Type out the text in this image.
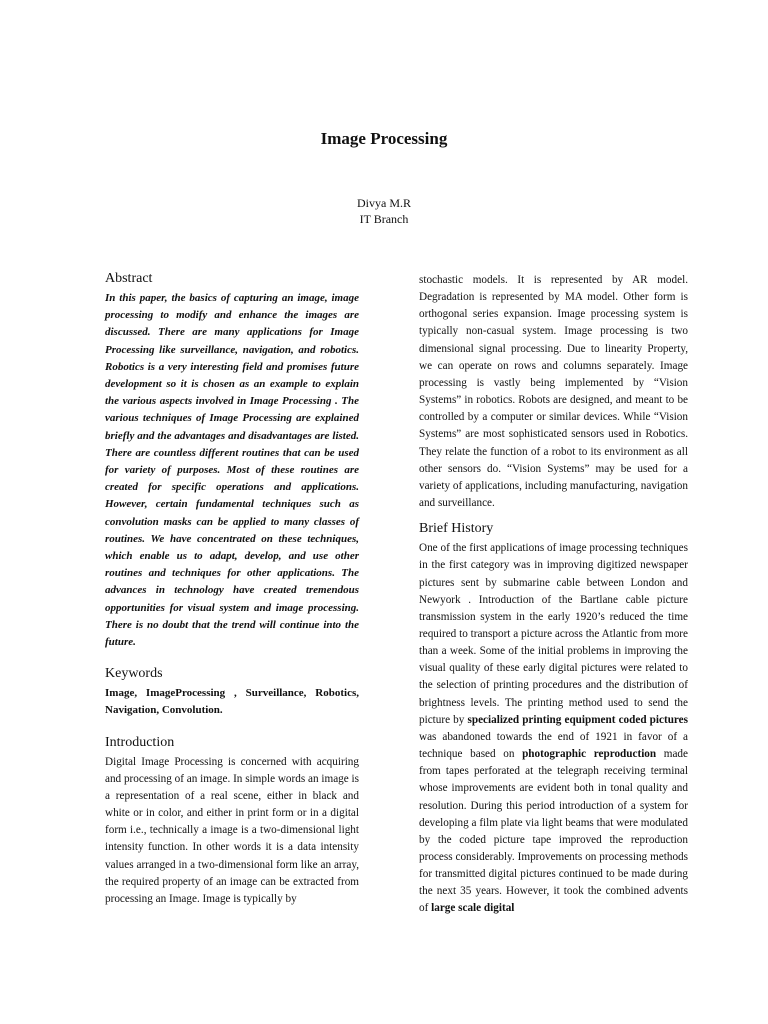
Image Processing
Divya M.R
IT Branch
Abstract

In this paper, the basics of capturing an image, image processing to modify and enhance the images are discussed. There are many applications for Image Processing like surveillance, navigation, and robotics. Robotics is a very interesting field and promises future development so it is chosen as an example to explain the various aspects involved in Image Processing . The various techniques of Image Processing are explained briefly and the advantages and disadvantages are listed. There are countless different routines that can be used for variety of purposes. Most of these routines are created for specific operations and applications. However, certain fundamental techniques such as convolution masks can be applied to many classes of routines. We have concentrated on these techniques, which enable us to adapt, develop, and use other routines and techniques for other applications. The advances in technology have created tremendous opportunities for visual system and image processing. There is no doubt that the trend will continue into the future.

Keywords

Image, ImageProcessing , Surveillance, Robotics, Navigation, Convolution.

Introduction

Digital Image Processing is concerned with acquiring and processing of an image. In simple words an image is a representation of a real scene, either in black and white or in color, and either in print form or in a digital form i.e., technically a image is a two-dimensional light intensity function. In other words it is a data intensity values arranged in a two-dimensional form like an array, the required property of an image can be extracted from processing an Image. Image is typically by

stochastic models. It is represented by AR model. Degradation is represented by MA model. Other form is orthogonal series expansion. Image processing system is typically non-casual system. Image processing is two dimensional signal processing. Due to linearity Property, we can operate on rows and columns separately. Image processing is vastly being implemented by “Vision Systems” in robotics. Robots are designed, and meant to be controlled by a computer or similar devices. While “Vision Systems” are most sophisticated sensors used in Robotics. They relate the function of a robot to its environment as all other sensors do. “Vision Systems” may be used for a variety of applications, including manufacturing, navigation and surveillance.

Brief History

One of the first applications of image processing techniques in the first category was in improving digitized newspaper pictures sent by submarine cable between London and Newyork . Introduction of the Bartlane cable picture transmission system in the early 1920’s reduced the time required to transport a picture across the Atlantic from more than a week. Some of the initial problems in improving the visual quality of these early digital pictures were related to the selection of printing procedures and the distribution of brightness levels. The printing method used to send the picture by specialized printing equipment coded pictures was abandoned towards the end of 1921 in favor of a technique based on photographic reproduction made from tapes perforated at the telegraph receiving terminal whose improvements are evident both in tonal quality and resolution. During this period introduction of a system for developing a film plate via light beams that were modulated by the coded picture tape improved the reproduction process considerably. Improvements on processing methods for transmitted digital pictures continued to be made during the next 35 years. However, it took the combined advents of large scale digital
